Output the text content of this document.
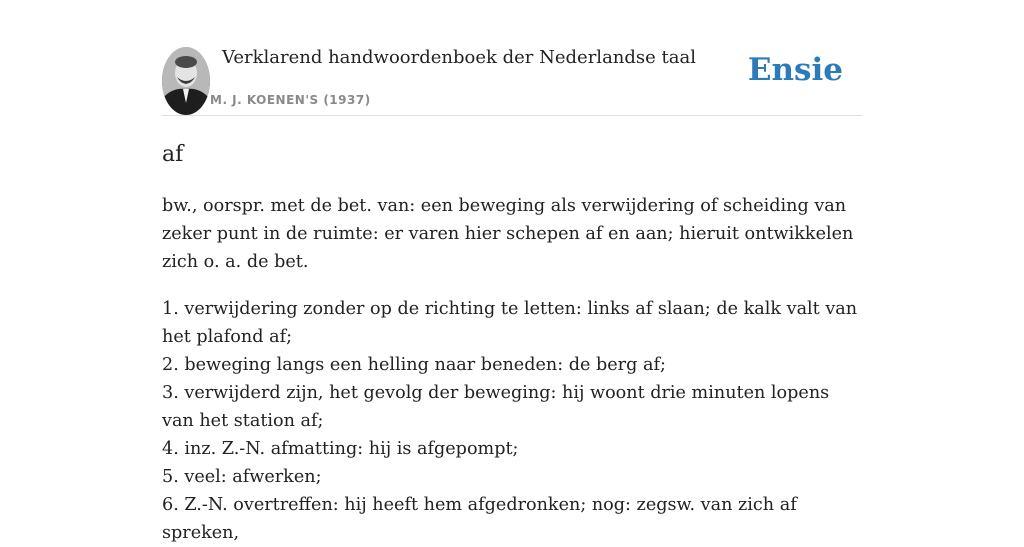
Verklarend handwoordenboek der Nederlandse taal
M. J. KOENEN'S (1937)
Ensie
af

bw., oorspr. met de bet. van: een beweging als verwijdering of scheiding van zeker punt in de ruimte: er varen hier schepen af en aan; hieruit ontwikkelen zich o. a. de bet.

1. verwijdering zonder op de richting te letten: links af slaan; de kalk valt van het plafond af;

2. beweging langs een helling naar beneden: de berg af;

3. verwijderd zijn, het gevolg der beweging: hij woont drie minuten lopens van het station af;

4. inz. Z.-N. afmatting: hij is afgepompt;

5. veel: afwerken;

6. Z.-N. overtreffen: hij heeft hem afgedronken; nog: zegsw. van zich af spreken,
